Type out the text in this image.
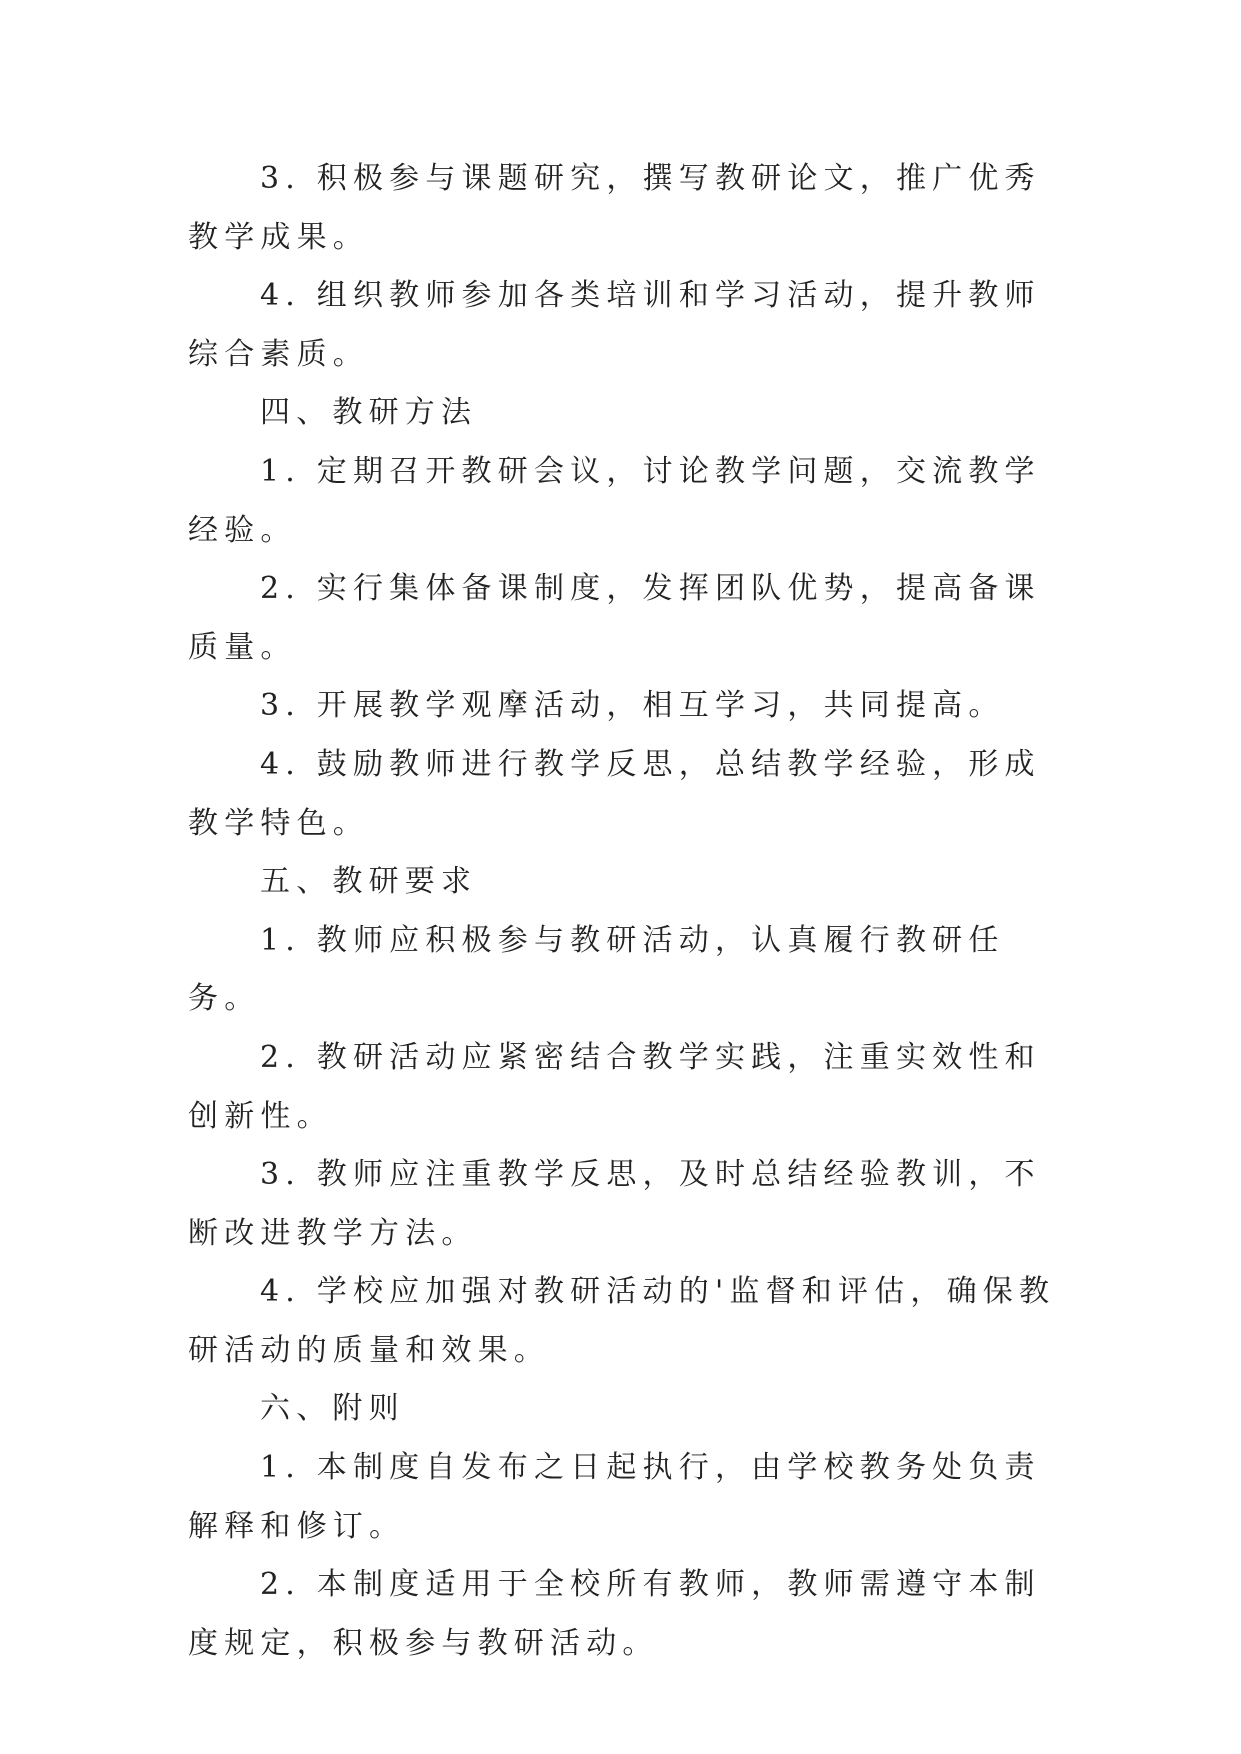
3. 积极参与课题研究，撰写教研论文，推广优秀教学成果。

4. 组织教师参加各类培训和学习活动，提升教师综合素质。

四、教研方法

1. 定期召开教研会议，讨论教学问题，交流教学经验。

2. 实行集体备课制度，发挥团队优势，提高备课质量。

3. 开展教学观摩活动，相互学习，共同提高。

4. 鼓励教师进行教学反思，总结教学经验，形成教学特色。

五、教研要求

1. 教师应积极参与教研活动，认真履行教研任务。

2. 教研活动应紧密结合教学实践，注重实效性和创新性。

3. 教师应注重教学反思，及时总结经验教训，不断改进教学方法。

4. 学校应加强对教研活动的'监督和评估，确保教研活动的质量和效果。

六、附则

1. 本制度自发布之日起执行，由学校教务处负责解释和修订。

2. 本制度适用于全校所有教师，教师需遵守本制度规定，积极参与教研活动。
